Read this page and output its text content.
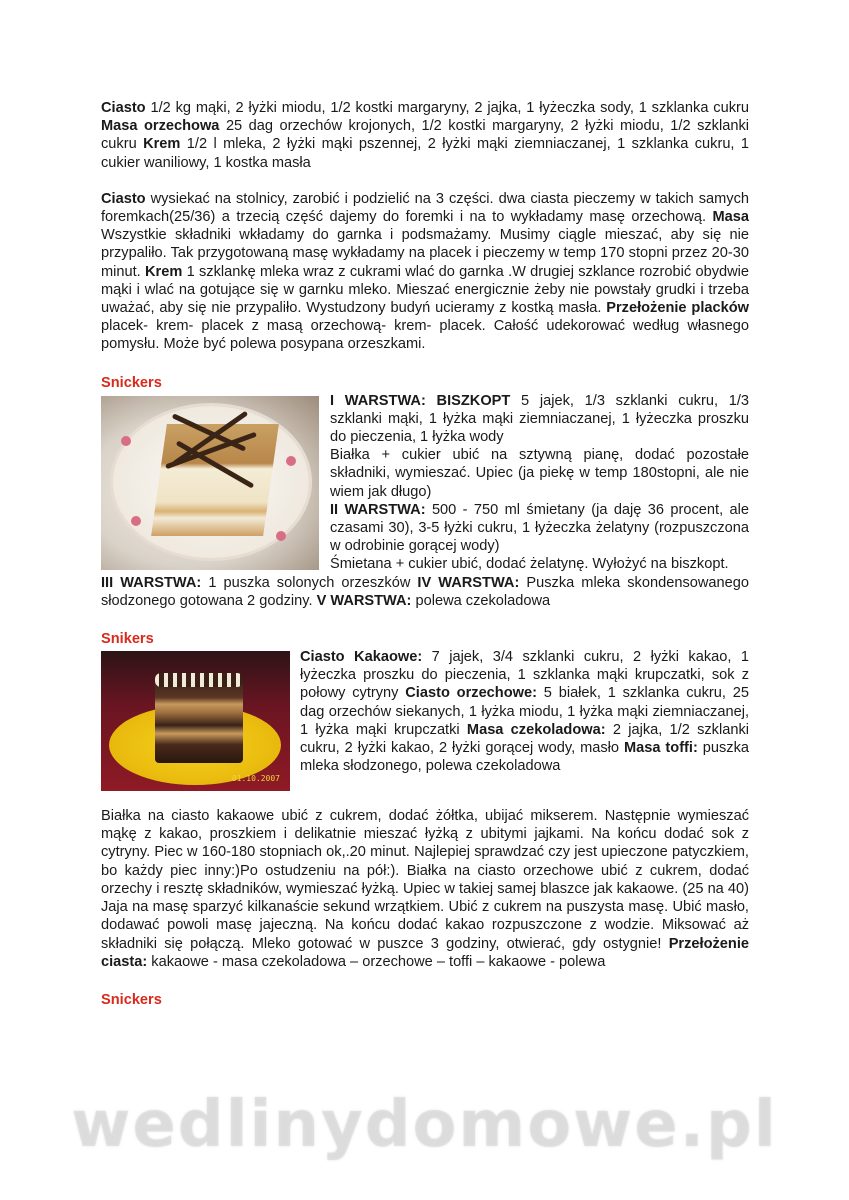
Ciasto 1/2 kg mąki, 2 łyżki miodu, 1/2 kostki margaryny, 2 jajka, 1 łyżeczka sody, 1 szklanka cukru Masa orzechowa 25 dag orzechów krojonych, 1/2 kostki margaryny, 2 łyżki miodu, 1/2 szklanki cukru Krem 1/2 l mleka, 2 łyżki mąki pszennej, 2 łyżki mąki ziemniaczanej, 1 szklanka cukru, 1 cukier waniliowy, 1 kostka masła

Ciasto wysiekać na stolnicy, zarobić i podzielić na 3 części. dwa ciasta pieczemy w takich samych foremkach(25/36) a trzecią część dajemy do foremki i na to wykładamy masę orzechową. Masa Wszystkie składniki wkładamy do garnka i podsmażamy. Musimy ciągle mieszać, aby się nie przypaliło. Tak przygotowaną masę wykładamy na placek i pieczemy w temp 170 stopni przez 20-30 minut. Krem 1 szklankę mleka wraz z cukrami wlać do garnka .W drugiej szklance rozrobić obydwie mąki i wlać na gotujące się w garnku mleko. Mieszać energicznie żeby nie powstały grudki i trzeba uważać, aby się nie przypaliło. Wystudzony budyń ucieramy z kostką masła. Przełożenie placków placek- krem- placek z masą orzechową- krem- placek. Całość udekorować według własnego pomysłu. Może być polewa posypana orzeszkami.

Snickers

I WARSTWA: BISZKOPT 5 jajek, 1/3 szklanki cukru, 1/3 szklanki mąki, 1 łyżka mąki ziemniaczanej, 1 łyżeczka proszku do pieczenia, 1 łyżka wody
Białka + cukier ubić na sztywną pianę, dodać pozostałe składniki, wymieszać. Upiec (ja piekę w temp 180stopni, ale nie wiem jak długo)
II WARSTWA: 500 - 750 ml śmietany (ja daję 36 procent, ale czasami 30), 3-5 łyżki cukru, 1 łyżeczka żelatyny (rozpuszczona w odrobinie gorącej wody)
Śmietana + cukier ubić, dodać żelatynę. Wyłożyć na biszkopt.
III WARSTWA: 1 puszka solonych orzeszków IV WARSTWA: Puszka mleka skondensowanego słodzonego gotowana 2 godziny. V WARSTWA: polewa czekoladowa

Snikers
01.10.2007

Ciasto Kakaowe: 7 jajek, 3/4 szklanki cukru, 2 łyżki kakao, 1 łyżeczka proszku do pieczenia, 1 szklanka mąki krupczatki, sok z połowy cytryny Ciasto orzechowe: 5 białek, 1 szklanka cukru, 25 dag orzechów siekanych, 1 łyżka miodu, 1 łyżka mąki ziemniaczanej, 1 łyżka mąki krupczatki Masa czekoladowa: 2 jajka, 1/2 szklanki cukru, 2 łyżki kakao, 2 łyżki gorącej wody, masło Masa toffi: puszka mleka słodzonego, polewa czekoladowa

Białka na ciasto kakaowe ubić z cukrem, dodać żółtka, ubijać mikserem. Następnie wymieszać mąkę z kakao, proszkiem i delikatnie mieszać łyżką z ubitymi jajkami. Na końcu dodać sok z cytryny. Piec w 160-180 stopniach ok,.20 minut. Najlepiej sprawdzać czy jest upieczone patyczkiem, bo każdy piec inny:)Po ostudzeniu na pół:). Białka na ciasto orzechowe ubić z cukrem, dodać orzechy i resztę składników, wymieszać łyżką. Upiec w takiej samej blaszce jak kakaowe. (25 na 40) Jaja na masę sparzyć kilkanaście sekund wrzątkiem. Ubić z cukrem na puszysta masę. Ubić masło, dodawać powoli masę jajeczną. Na końcu dodać kakao rozpuszczone z wodzie. Miksować aż składniki się połączą. Mleko gotować w puszce 3 godziny, otwierać, gdy ostygnie! Przełożenie ciasta: kakaowe - masa czekoladowa – orzechowe – toffi – kakaowe - polewa

Snickers
wedlinydomowe.pl
